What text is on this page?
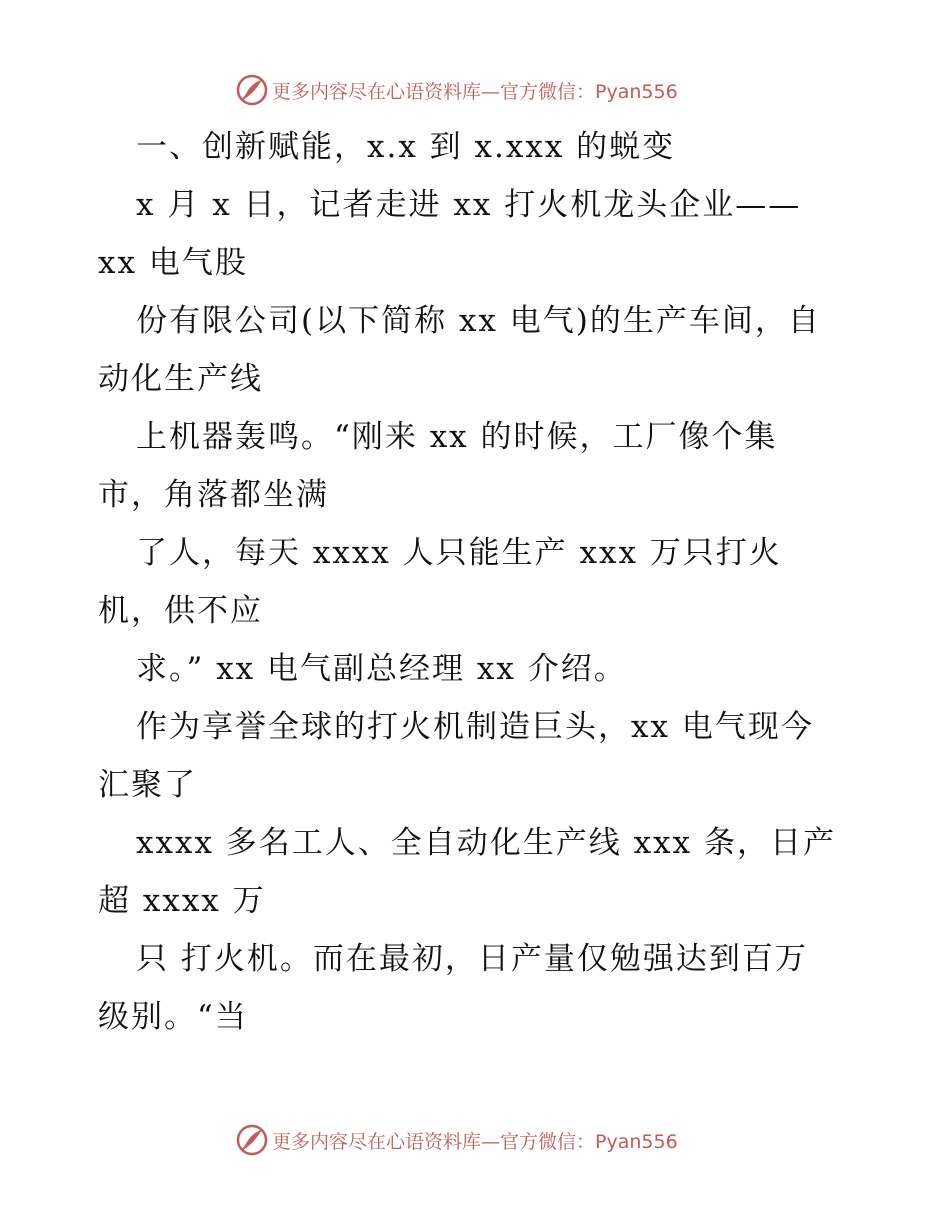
更多内容尽在心语资料库—官方微信：Pyan556
一、创新赋能，x.x 到 x.xxx 的蜕变
x 月 x 日，记者走进 xx 打火机龙头企业——
xx 电气股
份有限公司(以下简称 xx 电气)的生产车间，自
动化生产线
上机器轰鸣。“刚来 xx 的时候，工厂像个集
市，角落都坐满
了人，每天 xxxx 人只能生产 xxx 万只打火
机，供不应
求。” xx 电气副总经理 xx 介绍。
作为享誉全球的打火机制造巨头，xx 电气现今
汇聚了
xxxx 多名工人、全自动化生产线 xxx 条，日产
超 xxxx 万
只 打火机。而在最初，日产量仅勉强达到百万
级别。“当
更多内容尽在心语资料库—官方微信：Pyan556
